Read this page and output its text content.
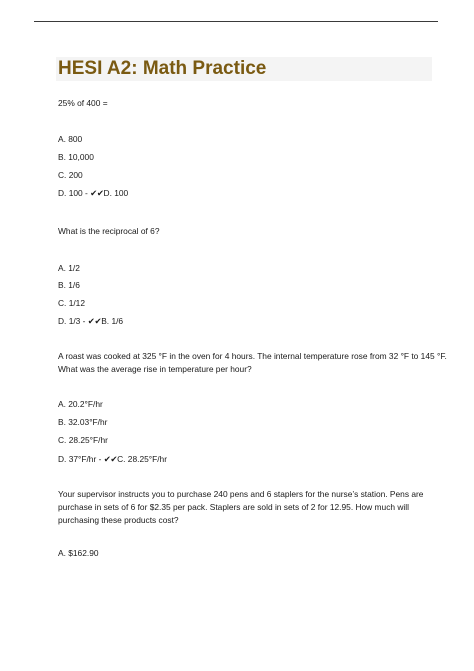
HESI A2: Math Practice

25% of 400 =

A. 800

B. 10,000

C. 200

D. 100 - ✔✔D. 100

What is the reciprocal of 6?

A. 1/2

B. 1/6

C. 1/12

D. 1/3 - ✔✔B. 1/6

A roast was cooked at 325 °F in the oven for 4 hours. The internal temperature rose from 32 °F to 145 °F.

What was the average rise in temperature per hour?

A. 20.2°F/hr

B. 32.03°F/hr

C. 28.25°F/hr

D. 37°F/hr - ✔✔C. 28.25°F/hr

Your supervisor instructs you to purchase 240 pens and 6 staplers for the nurse’s station. Pens are

purchase in sets of 6 for $2.35 per pack. Staplers are sold in sets of 2 for 12.95. How much will

purchasing these products cost?

A. $162.90
